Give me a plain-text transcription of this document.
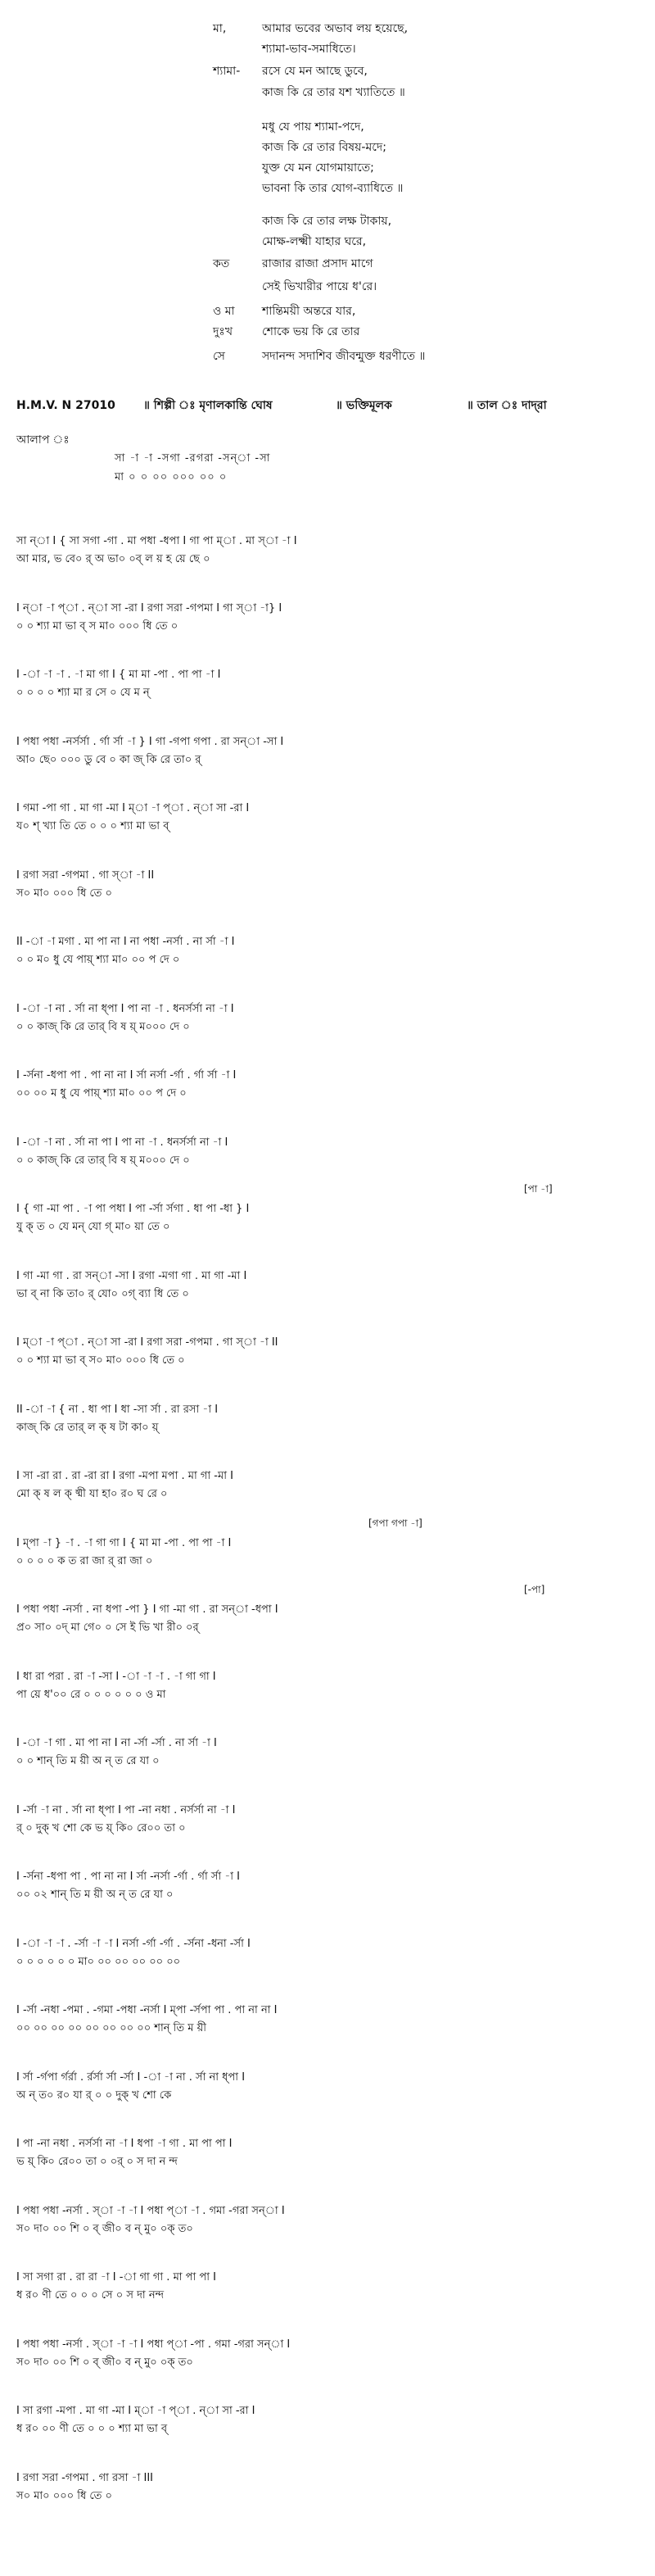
মা,	আমার ভবের অভাব লয় হয়েছে,
শ্যামা-ভাব-সমাধিতে।
শ্যামা-	রসে যে মন আছে ডুবে,
কাজ কি রে তার যশ খ্যাতিতে ॥
মধু যে পায় শ্যামা-পদে,
কাজ কি রে তার বিষয়-মদে;
যুক্ত যে মন যোগমায়াতে;
ভাবনা কি তার যোগ-ব্যাধিতে ॥
কাজ কি রে তার লক্ষ টাকায়,
মোক্ষ-লক্ষ্মী যাহার ঘরে,
কত	রাজার রাজা প্রসাদ মাগে
সেই ভিখারীর পায়ে ধ'রে।
ও মা	শান্তিময়ী অন্তরে যার,
দুঃখ	শোকে ভয় কি রে তার
সে	সদানন্দ সদাশিব জীবন্মুক্ত ধরণীতে ॥
H.M.V. N 27010 ॥ শিল্পী ঃ মৃণালকান্তি ঘোষ	॥ ভক্তিমূলক	॥ তাল ঃ দাদ্‌রা
আলাপ ঃ
সা -া -া -সগা -রগরা -সন্‌া -সা
মা ০ ০ ০০ ০০০ ০০ ০
সা ন্‌া I { সা সগা -গা . মা পধা -ধপা I গা পা ম্‌া . মা স্‌া -া I
আ মার, ভ বে০ র্‌ অ ভা০ ০ব্‌ ল য় হ য়ে ছে ০
I ন্‌া -া প্‌া . ন্‌া সা -রা I রগা সরা -গপমা I গা স্‌া -া} I
০ ০ শ্যা মা ভা ব্‌ স মা০ ০০০ ধি তে ০
I -া -া -া . -া মা গা I { মা মা -পা . পা পা -া I
০ ০ ০ ০ শ্যা মা র সে ০ যে ম ন্‌
I পধা পধা -নর্সর্সা . র্গা র্সা -া } I গা -গপা গপা . রা সন্‌া -সা I
আ০ ছে০ ০০০ ডু বে ০ কা জ্‌ কি রে তা০ র্‌
I গমা -পা গা . মা গা -মা I ম্‌া -া প্‌া . ন্‌া সা -রা I
য০ শ্‌ খ্যা তি তে ০ ০ ০ শ্যা মা ভা ব্‌
I রগা সরা -গপমা . গা স্‌া -া II
স০ মা০ ০০০ ধি তে ০
II -া -া মগা . মা পা না I না পধা -নর্সা . না র্সা -া I
০ ০ ম০ ধু যে পায়্‌ শ্যা মা০ ০০ প দে ০
I -া -া না . র্সা না ধ্‌পা I পা না -া . ধনর্সর্সা না -া I
০ ০ কাজ্‌ কি রে তার্‌ বি ষ য়্‌ ম০০০ দে ০
I -র্সনা -ধপা পা . পা না না I র্সা নর্সা -র্গা . র্গা র্সা -া I
০০ ০০ ম ধু যে পায়্‌ শ্যা মা০ ০০ প দে ০
I -া -া না . র্সা না পা I পা না -া . ধনর্সর্সা না -া I
০ ০ কাজ্‌ কি রে তার্‌ বি ষ য়্‌ ম০০০ দে ০
[পা -া]
I { গা -মা পা . -া পা পধা I পা -র্সা র্সগা . ধা পা -ধা } I
যু ক্‌ ত ০ যে মন্‌ যো গ্‌ মা০ য়া তে ০
I গা -মা গা . রা সন্‌া -সা I রগা -মগা গা . মা গা -মা I
ভা ব্‌ না কি তা০ র্‌ যো০ ০গ্‌ ব্যা ধি তে ০
I ম্‌া -া প্‌া . ন্‌া সা -রা I রগা সরা -গপমা . গা স্‌া -া II
০ ০ শ্যা মা ভা ব্‌ স০ মা০ ০০০ ধি তে ০
II -া -া { না . ধা পা I ধা -সা র্সা . রা রসা -া I
কাজ্‌ কি রে তার্‌ ল ক্‌ ষ টা কা০ য়্‌
I সা -রা রা . রা -রা রা I রগা -মপা মপা . মা গা -মা I
মো ক্‌ ষ ল ক্‌ ষ্মী যা হা০ র০ ঘ রে ০
[গপা গপা -া]
I ম্‌পা -া } -া . -া গা গা I { মা মা -পা . পা পা -া I
০ ০ ০ ০ ক ত রা জা র্‌ রা জা ০
[-পা]
I পধা পধা -নর্সা . না ধপা -পা } I গা -মা গা . রা সন্‌া -ধপা I
প্র০ সা০ ০দ্‌ মা গে০ ০ সে ই ভি খা রী০ ০র্‌
I ধা রা পরা . রা -া -সা I -া -া -া . -া গা গা I
পা য়ে ধ'০০ রে ০ ০ ০ ০ ০ ০ ও মা
I -া -া গা . মা পা না I না -র্সা -র্সা . না র্সা -া I
০ ০ শান্‌ তি ম য়ী অ ন্‌ ত রে যা ০
I -র্সা -া না . র্সা না ধ্‌পা I পা -না নধা . নর্সর্সা না -া I
র্‌ ০ দুক্‌ খ শো কে ভ য়্‌ কি০ রে০০ তা ০
I -র্সনা -ধপা পা . পা না না I র্সা -নর্সা -র্গা . র্গা র্সা -া I
০০ ০২ শান্‌ তি ম য়ী অ ন্‌ ত রে যা ০
I -া -া -া . -র্সা -া -া I নর্সা -র্গা -র্গা . -র্সনা -ধনা -র্সা I
০ ০ ০ ০ ০ ০ মা০ ০০ ০০ ০০ ০০ ০০
I -র্সা -নধা -পমা . -গমা -পধা -নর্সা I ম্‌পা -র্সপা পা . পা না না I
০০ ০০ ০০ ০০ ০০ ০০ ০০ ০০ শান্‌ তি ম য়ী
I র্সা -র্গপা র্গর্রা . র্রর্সা র্সা -র্সা I -া -া না . র্সা না ধ্‌পা I
অ ন্‌ ত০ র০ যা র্‌ ০ ০ দুক্‌ খ শো কে
I পা -না নধা . নর্সর্সা না -া I ধপা -া গা . মা পা পা I
ভ য়্‌ কি০ রে০০ তা ০ ০র্‌ ০ স দা ন ন্দ
I পধা পধা -নর্সা . স্‌া -া -া I পধা প্‌া -া . গমা -গরা সন্‌া I
স০ দা০ ০০ শি ০ ব্‌ জী০ ব ন্‌ মু০ ০ক্‌ ত০
I সা সগা রা . রা রা -া I -া গা গা . মা পা পা I
ধ র০ ণী তে ০ ০ ০ সে ০ স দা নন্দ
I পধা পধা -নর্সা . স্‌া -া -া I পধা প্‌া -পা . গমা -গরা সন্‌া I
স০ দা০ ০০ শি ০ ব্‌ জী০ ব ন্‌ মু০ ০ক্‌ ত০
I সা রগা -মপা . মা গা -মা I ম্‌া -া প্‌া . ন্‌া সা -রা I
ধ র০ ০০ ণী তে ০ ০ ০ শ্যা মা ভা ব্‌
I রগা সরা -গপমা . গা রসা -া III
স০ মা০ ০০০ ধি তে ০
